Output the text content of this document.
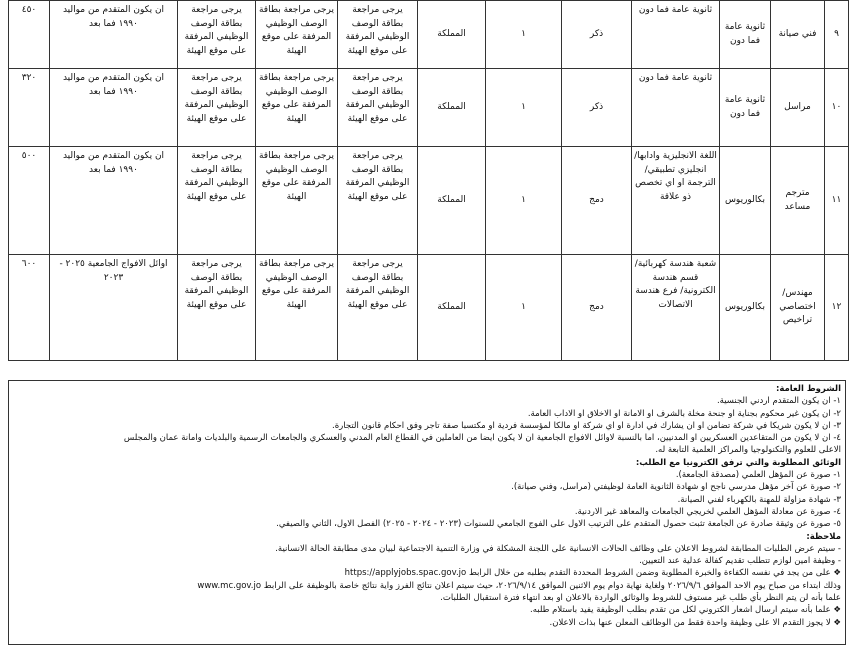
٩	فني صيانة	ثانوية عامة فما دون	ثانوية عامة فما دون	ذكر	١	المملكة	يرجى مراجعة بطاقة الوصف الوظيفي المرفقة على موقع الهيئة	يرجى مراجعة بطاقة الوصف الوظيفي المرفقة على موقع الهيئة	يرجى مراجعة بطاقة الوصف الوظيفي المرفقة على موقع الهيئة	ان يكون المتقدم من مواليد ١٩٩٠ فما بعد	٤٥٠
١٠	مراسل	ثانوية عامة فما دون	ثانوية عامة فما دون	ذكر	١	المملكة	يرجى مراجعة بطاقة الوصف الوظيفي المرفقة على موقع الهيئة	يرجى مراجعة بطاقة الوصف الوظيفي المرفقة على موقع الهيئة	يرجى مراجعة بطاقة الوصف الوظيفي المرفقة على موقع الهيئة	ان يكون المتقدم من مواليد ١٩٩٠ فما بعد	٣٢٠
١١	مترجم مساعد	بكالوريوس	اللغة الانجليزية وادابها/ انجليزي تطبيقي/ الترجمة او اي تخصص ذو علاقة	دمج	١	المملكة	يرجى مراجعة بطاقة الوصف الوظيفي المرفقة على موقع الهيئة	يرجى مراجعة بطاقة الوصف الوظيفي المرفقة على موقع الهيئة	يرجى مراجعة بطاقة الوصف الوظيفي المرفقة على موقع الهيئة	ان يكون المتقدم من مواليد ١٩٩٠ فما بعد	٥٠٠
١٢	مهندس/ اختصاصي تراخيص	بكالوريوس	شعبة هندسة كهربائية/ قسم هندسة الكترونية/ فرع هندسة الاتصالات	دمج	١	المملكة	يرجى مراجعة بطاقة الوصف الوظيفي المرفقة على موقع الهيئة	يرجى مراجعة بطاقة الوصف الوظيفي المرفقة على موقع الهيئة	يرجى مراجعة بطاقة الوصف الوظيفي المرفقة على موقع الهيئة	اوائل الافواج الجامعية ٢٠٢٥ - ٢٠٢٣	٦٠٠
الشروط العامة:
١- ان يكون المتقدم اردني الجنسية.
٢- ان يكون غير محكوم بجناية او جنحة مخلة بالشرف او الامانة او الاخلاق او الاداب العامة.
٣- ان لا يكون شريكا في شركة تضامن او ان يشارك في ادارة او اي شركة او مالكا لمؤسسة فردية او مكتسبا صفة تاجر وفق احكام قانون التجارة.
٤- ان لا يكون من المتقاعدين العسكريين او المدنيين، اما بالنسبة لاوائل الافواج الجامعية ان لا يكون ايضا من العاملين في القطاع العام المدني والعسكري والجامعات الرسمية والبلديات وامانة عمان والمجلس
الاعلى للعلوم والتكنولوجيا والمراكز العلمية التابعة له.
الوثائق المطلوبة والتي ترفق الكترونيا مع الطلب:
١- صورة عن المؤهل العلمي (مصدقة الجامعة).
٢- صورة عن آخر مؤهل مدرسي ناجح او شهادة الثانوية العامة لوظيفتي (مراسل، وفني صيانة).
٣- شهادة مزاولة للمهنة بالكهرباء لفني الصيانة.
٤- صورة عن معادلة المؤهل العلمي لخريجي الجامعات والمعاهد غير الاردنية.
٥- صورة عن وثيقة صادرة عن الجامعة تثبت حصول المتقدم على الترتيب الاول على الفوج الجامعي للسنوات (٢٠٢٣ - ٢٠٢٤ - ٢٠٢٥) الفصل الاول، الثاني والصيفي.
ملاحظة:
- سيتم عرض الطلبات المطابقة لشروط الاعلان على وظائف الحالات الانسانية على اللجنة المشكلة في وزارة التنمية الاجتماعية لبيان مدى مطابقة الحالة الانسانية.
- وظيفة امين لوازم تتطلب تقديم كفالة عدلية عند التعيين.
❖ على من يجد في نفسه الكفاءة والخبرة المطلوبة وضمن الشروط المحددة التقدم بطلبه من خلال الرابط https://applyjobs.spac.gov.jo
وذلك ابتداء من صباح يوم الاحد الموافق ٢٠٢٦/٩/٦ ولغاية نهاية دوام يوم الاثنين الموافق ٢٠٢٦/٩/١٤، حيث سيتم اعلان نتائج الفرز واية نتائج خاصة بالوظيفة على الرابط www.mc.gov.jo
علما بأنه لن يتم النظر بأي طلب غير مستوف للشروط والوثائق الواردة بالاعلان او بعد انتهاء فترة استقبال الطلبات.
❖ علما بأنه سيتم ارسال اشعار الكتروني لكل من تقدم بطلب الوظيفة يفيد باستلام طلبه.
❖ لا يجوز التقدم الا على وظيفة واحدة فقط من الوظائف المعلن عنها بذات الاعلان.
